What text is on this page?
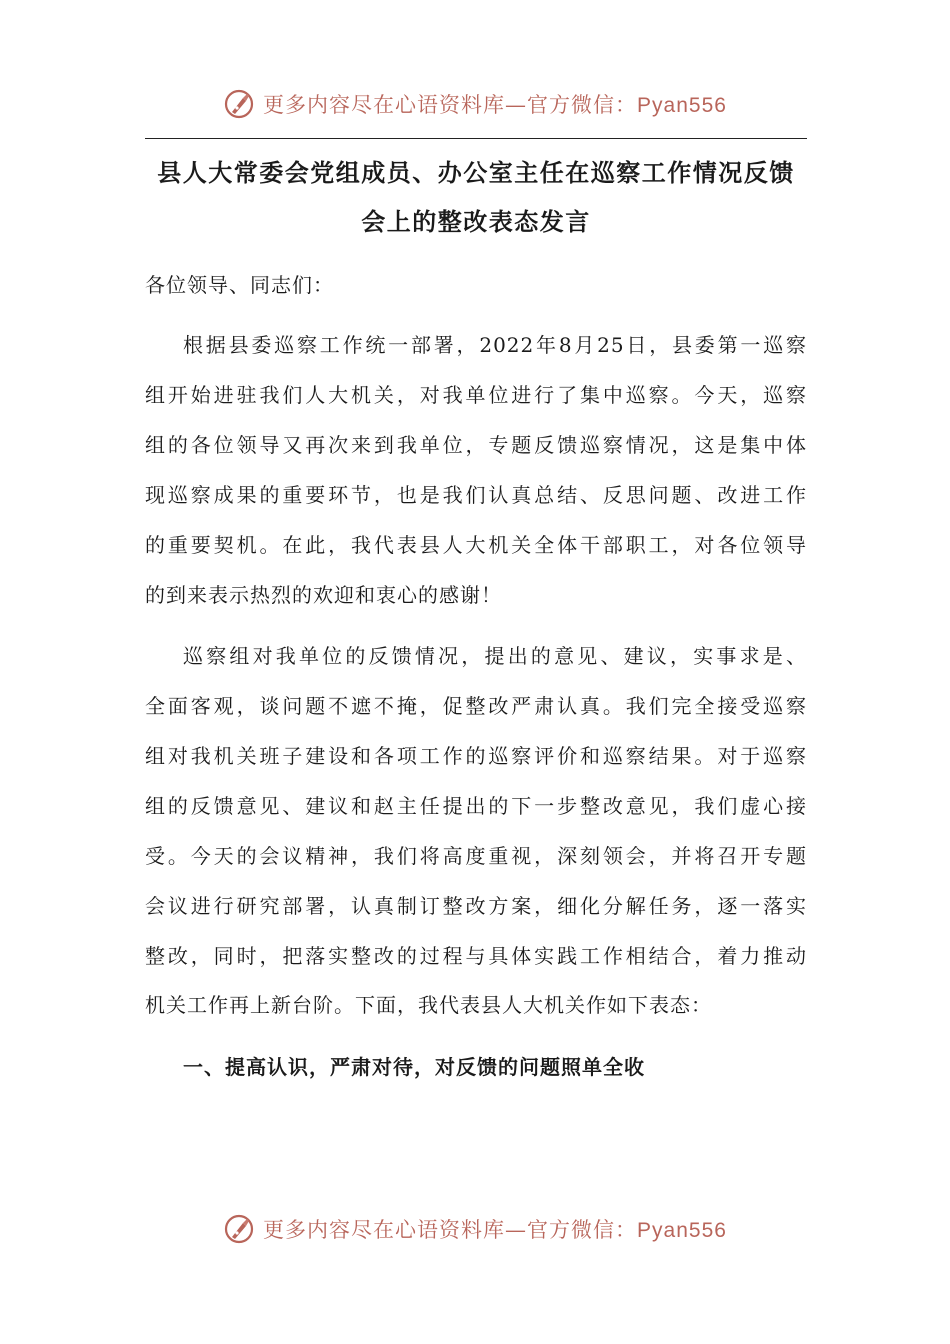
更多内容尽在心语资料库—官方微信：Pyan556
县人大常委会党组成员、办公室主任在巡察工作情况反馈
会上的整改表态发言
各位领导、同志们：
根据县委巡察工作统一部署，2022年8月25日，县委第一巡察
组开始进驻我们人大机关，对我单位进行了集中巡察。今天，巡察
组的各位领导又再次来到我单位，专题反馈巡察情况，这是集中体
现巡察成果的重要环节，也是我们认真总结、反思问题、改进工作
的重要契机。在此，我代表县人大机关全体干部职工，对各位领导
的到来表示热烈的欢迎和衷心的感谢！
巡察组对我单位的反馈情况，提出的意见、建议，实事求是、
全面客观，谈问题不遮不掩，促整改严肃认真。我们完全接受巡察
组对我机关班子建设和各项工作的巡察评价和巡察结果。对于巡察
组的反馈意见、建议和赵主任提出的下一步整改意见，我们虚心接
受。今天的会议精神，我们将高度重视，深刻领会，并将召开专题
会议进行研究部署，认真制订整改方案，细化分解任务，逐一落实
整改，同时，把落实整改的过程与具体实践工作相结合，着力推动
机关工作再上新台阶。下面，我代表县人大机关作如下表态：
一、提高认识，严肃对待，对反馈的问题照单全收
更多内容尽在心语资料库—官方微信：Pyan556
